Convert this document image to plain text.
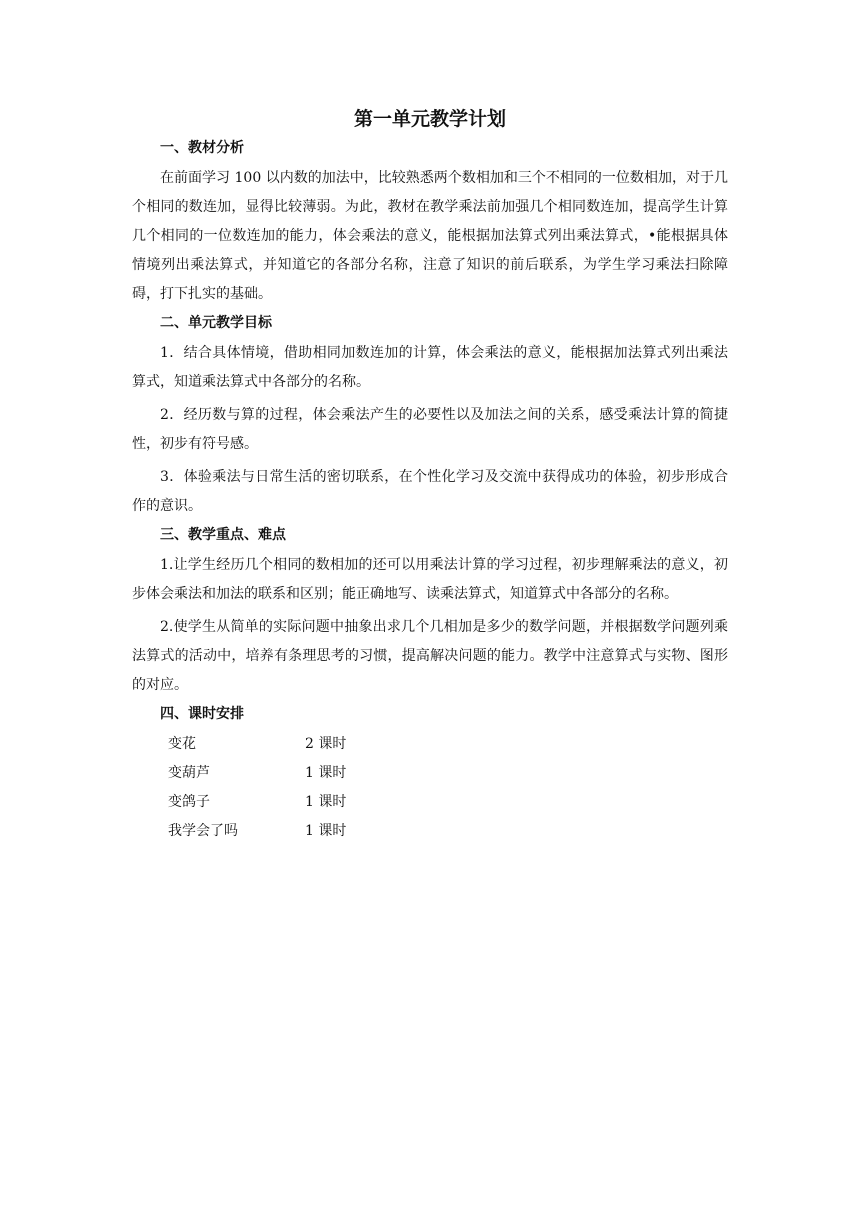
第一单元教学计划
一、教材分析

在前面学习 100 以内数的加法中，比较熟悉两个数相加和三个不相同的一位数相加，对于几个相同的数连加，显得比较薄弱。为此，教材在教学乘法前加强几个相同数连加，提高学生计算几个相同的一位数连加的能力，体会乘法的意义，能根据加法算式列出乘法算式，•能根据具体情境列出乘法算式，并知道它的各部分名称，注意了知识的前后联系，为学生学习乘法扫除障碍，打下扎实的基础。

二、单元教学目标

1．结合具体情境，借助相同加数连加的计算，体会乘法的意义，能根据加法算式列出乘法算式，知道乘法算式中各部分的名称。

2．经历数与算的过程，体会乘法产生的必要性以及加法之间的关系，感受乘法计算的简捷性，初步有符号感。

3．体验乘法与日常生活的密切联系，在个性化学习及交流中获得成功的体验，初步形成合作的意识。

三、教学重点、难点

1.让学生经历几个相同的数相加的还可以用乘法计算的学习过程，初步理解乘法的意义，初步体会乘法和加法的联系和区别；能正确地写、读乘法算式，知道算式中各部分的名称。

2.使学生从简单的实际问题中抽象出求几个几相加是多少的数学问题，并根据数学问题列乘法算式的活动中，培养有条理思考的习惯，提高解决问题的能力。教学中注意算式与实物、图形的对应。

四、课时安排
变花	2 课时
变葫芦	1 课时
变鸽子	1 课时
我学会了吗	1 课时
